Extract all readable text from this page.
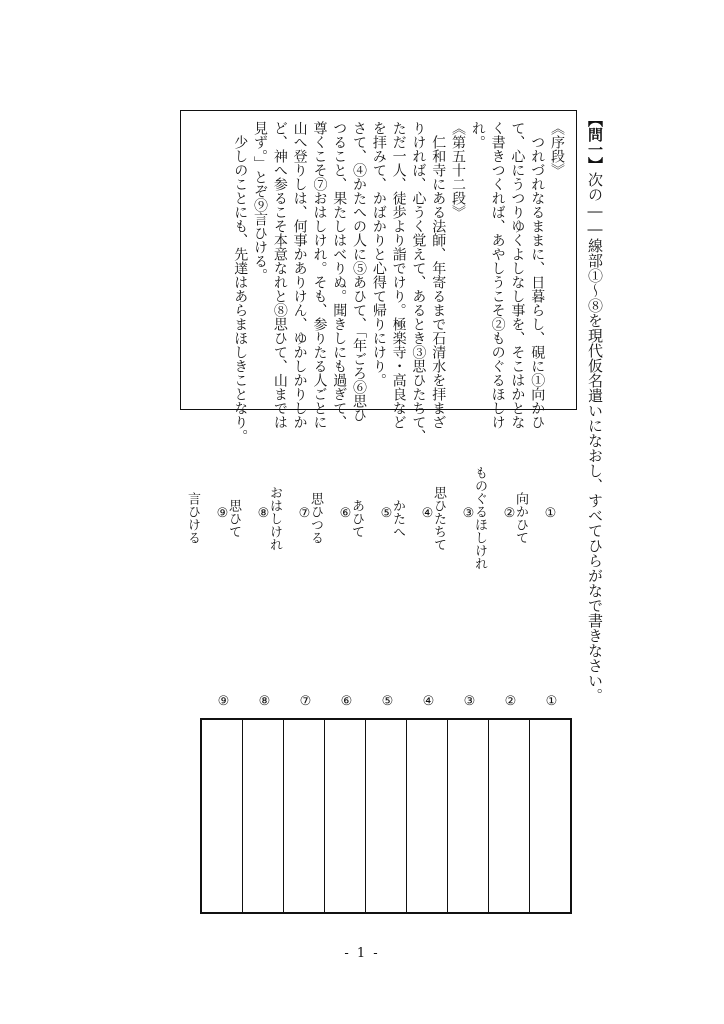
【問一】次の――線部①〜⑧を現代仮名遣いになおし、すべてひらがなで書きなさい。
《序段》
　つれづれなるままに、日暮らし、硯に①向かひ
て、心にうつりゆくよしなし事を、そこはかとな
く書きつくれば、あやしうこそ②ものぐるほしけ
れ。
《第五十二段》
　仁和寺にある法師、年寄るまで石清水を拝まざ
りければ、心うく覚えて、あるとき③思ひたちて、
ただ一人、徒歩より詣でけり。極楽寺・高良など
を拝みて、かばかりと心得て帰りにけり。
さて、④かたへの人に⑤あひて、「年ごろ⑥思ひ
つること、果たしはべりぬ。聞きしにも過ぎて、
尊くこそ⑦おはしけれ。そも、参りたる人ごとに
山へ登りしは、何事かありけん、ゆかしかりしか
ど、神へ参るこそ本意なれと⑧思ひて、山までは
見ず。」とぞ⑨言ひける。
　少しのことにも、先達はあらまほしきことなり。
①
向かひて
②
ものぐるほしけれ
③
思ひたちて
④
かたへ
⑤
あひて
⑥
思ひつる
⑦
おはしけれ
⑧
思ひて
⑨
言ひける
①
②
③
④
⑤
⑥
⑦
⑧
⑨
- 1 -
